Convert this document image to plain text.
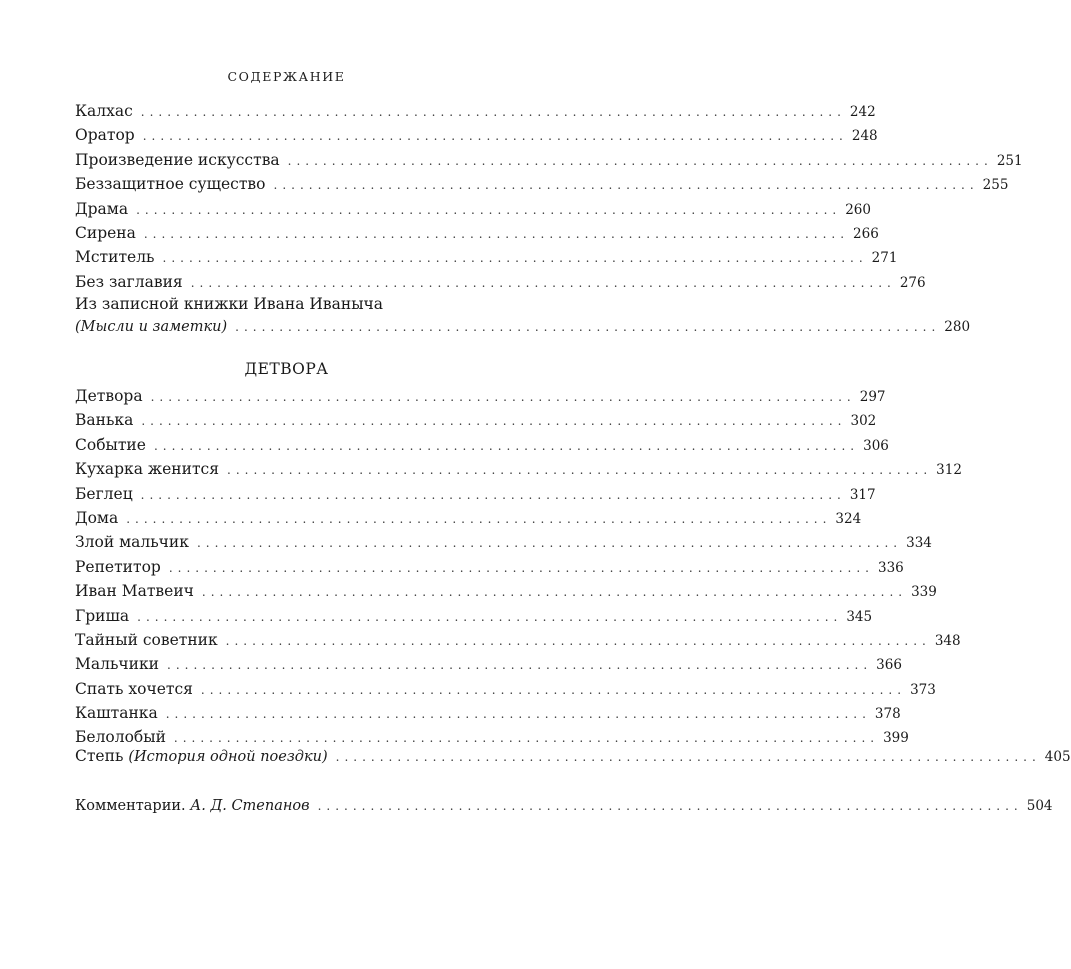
СОДЕРЖАНИЕ
Калхас ................................................................................ 242
Оратор ................................................................................ 248
Произведение искусства ................................................................................ 251
Беззащитное существо ................................................................................ 255
Драма ................................................................................ 260
Сирена ................................................................................ 266
Мститель ................................................................................ 271
Без заглавия ................................................................................ 276
Из записной книжки Ивана Иваныча
(Мысли и заметки) ................................................................................ 280
ДЕТВОРА
Детвора ................................................................................ 297
Ванька ................................................................................ 302
Событие ................................................................................ 306
Кухарка женится ................................................................................ 312
Беглец ................................................................................ 317
Дома ................................................................................ 324
Злой мальчик ................................................................................ 334
Репетитор ................................................................................ 336
Иван Матвеич ................................................................................ 339
Гриша ................................................................................ 345
Тайный советник ................................................................................ 348
Мальчики ................................................................................ 366
Спать хочется ................................................................................ 373
Каштанка ................................................................................ 378
Белолобый ................................................................................ 399
Степь (История одной поездки) ................................................................................ 405
Комментарии. А. Д. Степанов ................................................................................ 504
